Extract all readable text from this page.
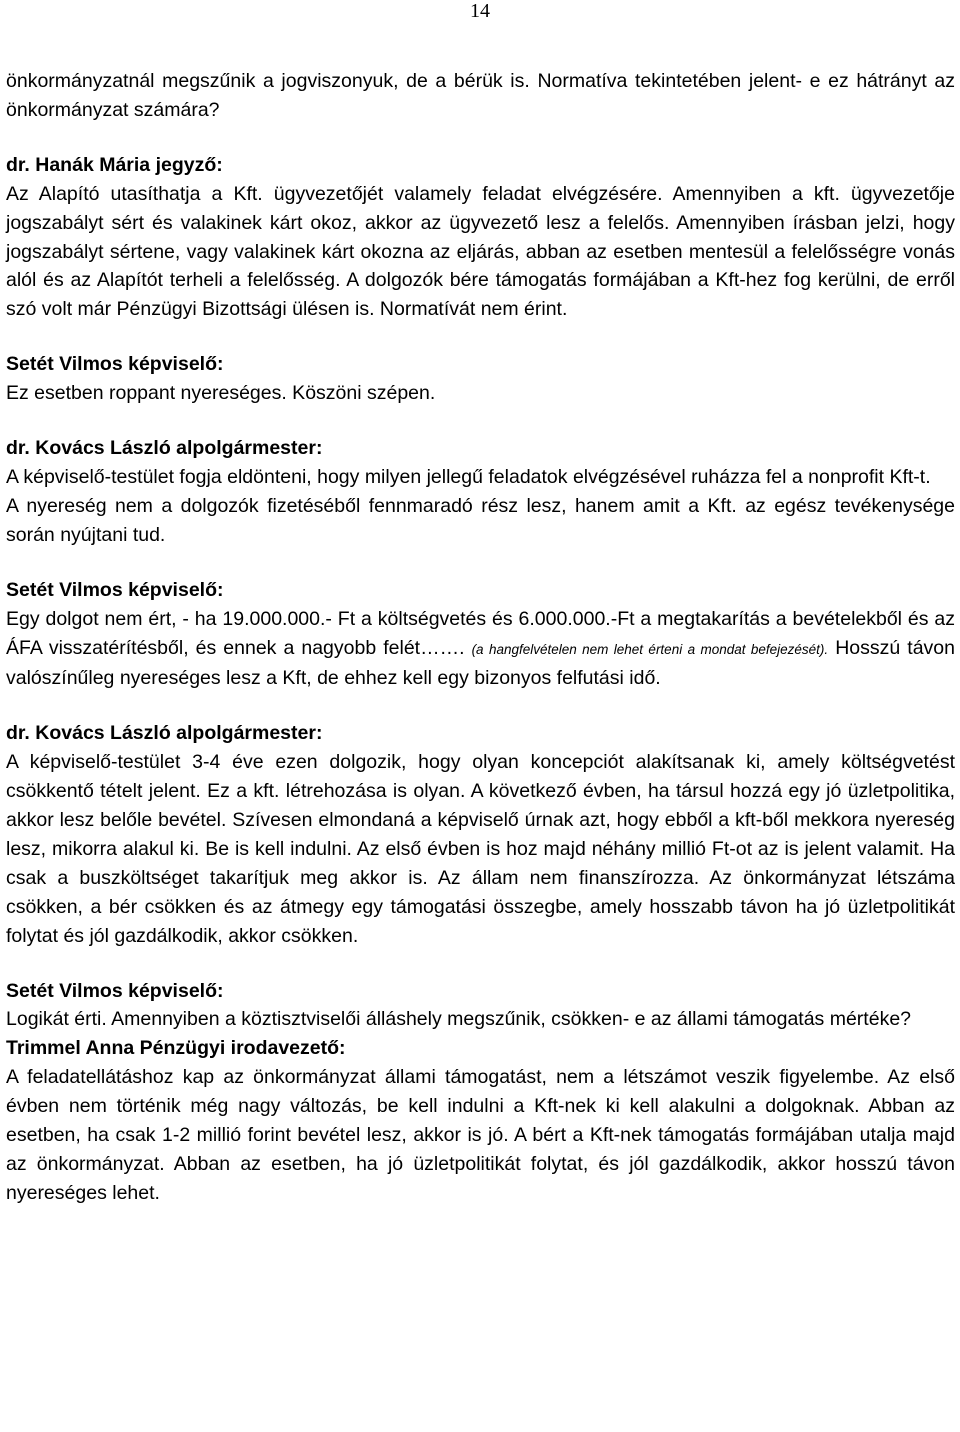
14

önkormányzatnál megszűnik a jogviszonyuk, de a bérük is. Normatíva tekintetében jelent- e ez hátrányt az önkormányzat számára?

dr. Hanák Mária jegyző:

Az Alapító utasíthatja a Kft. ügyvezetőjét valamely feladat elvégzésére. Amennyiben a kft. ügyvezetője jogszabályt sért és valakinek kárt okoz, akkor az ügyvezető lesz a felelős. Amennyiben írásban jelzi, hogy jogszabályt sértene, vagy valakinek kárt okozna az eljárás, abban az esetben mentesül a felelősségre vonás alól és az Alapítót terheli a felelősség. A dolgozók bére támogatás formájában a Kft-hez fog kerülni, de erről szó volt már Pénzügyi Bizottsági ülésen is. Normatívát nem érint.

Setét Vilmos képviselő:

Ez esetben roppant nyereséges. Köszöni szépen.

dr. Kovács László alpolgármester:

A képviselő-testület fogja eldönteni, hogy milyen jellegű feladatok elvégzésével ruházza fel a nonprofit Kft-t.

A nyereség nem a dolgozók fizetéséből fennmaradó rész lesz, hanem amit a Kft. az egész tevékenysége során nyújtani tud.

Setét Vilmos képviselő:

Egy dolgot nem ért, - ha 19.000.000.- Ft a költségvetés és 6.000.000.-Ft a megtakarítás a bevételekből és az ÁFA visszatérítésből, és ennek a nagyobb felét……. (a hangfelvételen nem lehet érteni a mondat befejezését). Hosszú távon valószínűleg nyereséges lesz a Kft, de ehhez kell egy bizonyos felfutási idő.

dr. Kovács László alpolgármester:

A képviselő-testület 3-4 éve ezen dolgozik, hogy olyan koncepciót alakítsanak ki, amely költségvetést csökkentő tételt jelent. Ez a kft. létrehozása is olyan. A következő évben, ha társul hozzá egy jó üzletpolitika, akkor lesz belőle bevétel. Szívesen elmondaná a képviselő úrnak azt, hogy ebből a kft-ből mekkora nyereség lesz, mikorra alakul ki. Be is kell indulni. Az első évben is hoz majd néhány millió Ft-ot az is jelent valamit. Ha csak a buszköltséget takarítjuk meg akkor is. Az állam nem finanszírozza. Az önkormányzat létszáma csökken, a bér csökken és az átmegy egy támogatási összegbe, amely hosszabb távon ha jó üzletpolitikát folytat és jól gazdálkodik, akkor csökken.

Setét Vilmos képviselő:

Logikát érti. Amennyiben a köztisztviselői álláshely megszűnik, csökken- e az állami támogatás mértéke?

Trimmel Anna Pénzügyi irodavezető:

A feladatellátáshoz kap az önkormányzat állami támogatást, nem a létszámot veszik figyelembe. Az első évben nem történik még nagy változás, be kell indulni a Kft-nek ki kell alakulni a dolgoknak. Abban az esetben, ha csak 1-2 millió forint bevétel lesz, akkor is jó. A bért a Kft-nek támogatás formájában utalja majd az önkormányzat. Abban az esetben, ha jó üzletpolitikát folytat, és jól gazdálkodik, akkor hosszú távon nyereséges lehet.
